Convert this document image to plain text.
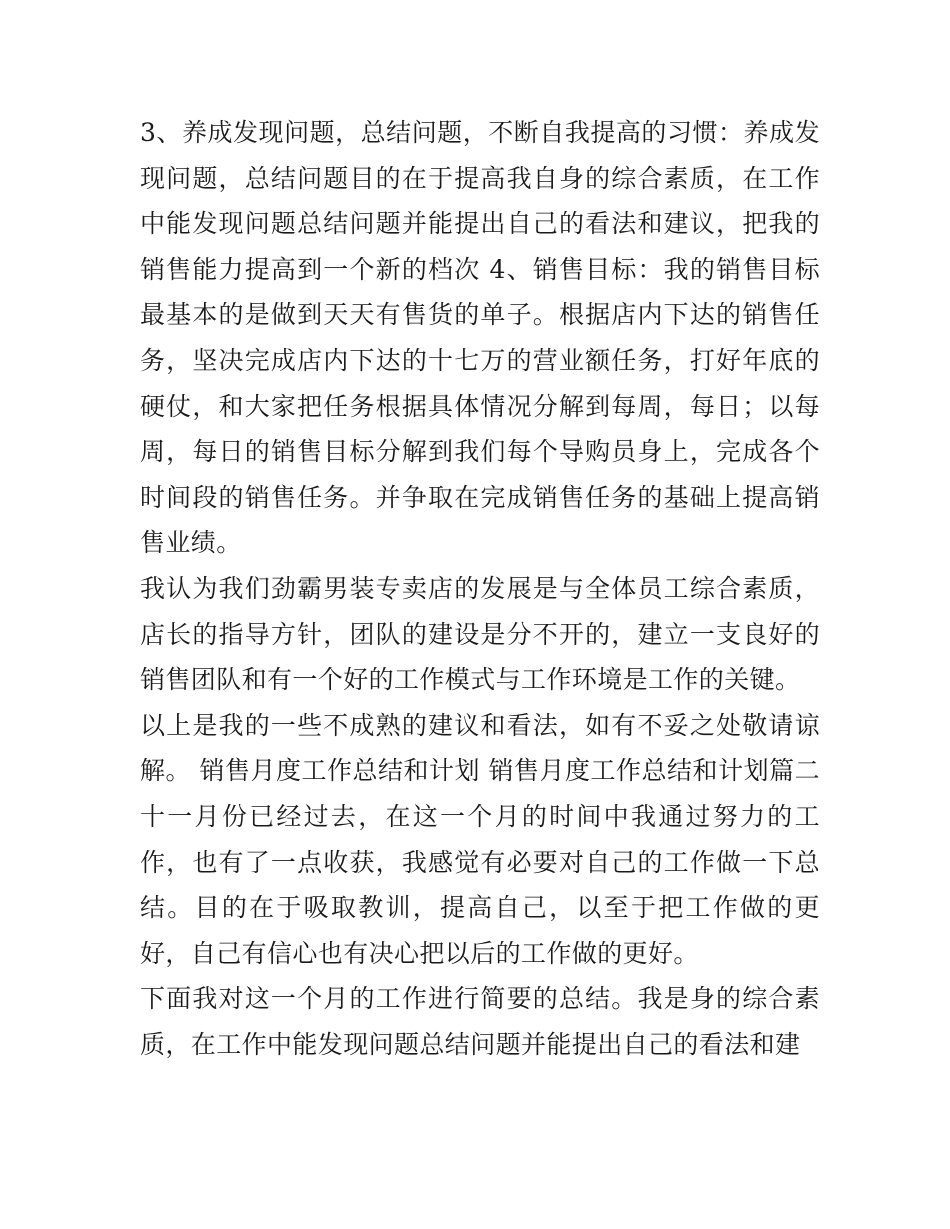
3、养成发现问题，总结问题，不断自我提高的习惯：养成发现问题，总结问题目的在于提高我自身的综合素质，在工作中能发现问题总结问题并能提出自己的看法和建议，把我的销售能力提高到一个新的档次 4、销售目标：我的销售目标最基本的是做到天天有售货的单子。根据店内下达的销售任务，坚决完成店内下达的十七万的营业额任务，打好年底的硬仗，和大家把任务根据具体情况分解到每周，每日；以每周，每日的销售目标分解到我们每个导购员身上，完成各个时间段的销售任务。并争取在完成销售任务的基础上提高销售业绩。

我认为我们劲霸男装专卖店的发展是与全体员工综合素质，店长的指导方针，团队的建设是分不开的，建立一支良好的销售团队和有一个好的工作模式与工作环境是工作的关键。

以上是我的一些不成熟的建议和看法，如有不妥之处敬请谅解。 销售月度工作总结和计划 销售月度工作总结和计划篇二 十一月份已经过去，在这一个月的时间中我通过努力的工作，也有了一点收获，我感觉有必要对自己的工作做一下总结。目的在于吸取教训，提高自己，以至于把工作做的更好，自己有信心也有决心把以后的工作做的更好。

下面我对这一个月的工作进行简要的总结。我是身的综合素质，在工作中能发现问题总结问题并能提出自己的看法和建
